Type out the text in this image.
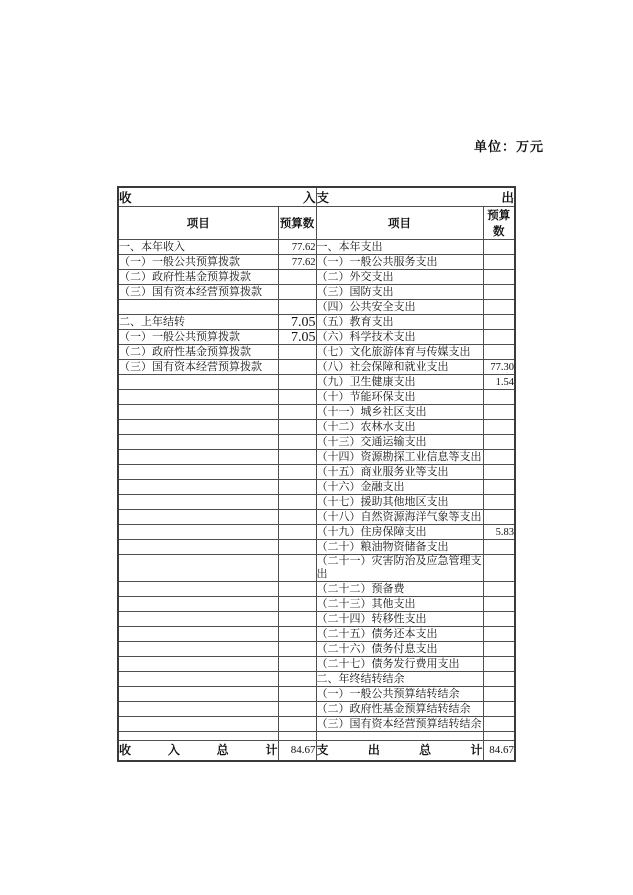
单位：万元
收 入		支 出	

项目	预算数	项目	预算数
一、本年收入	77.62	一、本年支出	
（一）一般公共预算拨款	77.62	（一）一般公共服务支出	
（二）政府性基金预算拨款		（二）外交支出	
（三）国有资本经营预算拨款		（三）国防支出	
		（四）公共安全支出	
二、上年结转	7.05	（五）教育支出	
（一）一般公共预算拨款	7.05	（六）科学技术支出	
（二）政府性基金预算拨款		（七）文化旅游体育与传媒支出	
（三）国有资本经营预算拨款		（八）社会保障和就业支出	77.30
		（九）卫生健康支出	1.54
		（十）节能环保支出	
		（十一）城乡社区支出	
		（十二）农林水支出	
		（十三）交通运输支出	
		（十四）资源勘探工业信息等支出	
		（十五）商业服务业等支出	
		（十六）金融支出	
		（十七）援助其他地区支出	
		（十八）自然资源海洋气象等支出	
		（十九）住房保障支出	5.83
		（二十）粮油物资储备支出	
		（二十一）灾害防治及应急管理支出	
		（二十二）预备费	
		（二十三）其他支出	
		（二十四）转移性支出	
		（二十五）债务还本支出	
		（二十六）债务付息支出	
		（二十七）债务发行费用支出	
		二、年终结转结余	
		（一）一般公共预算结转结余	
		（二）政府性基金预算结转结余	
		（三）国有资本经营预算结转结余	

收 入 总 计	84.67	支 出 总 计	84.67
